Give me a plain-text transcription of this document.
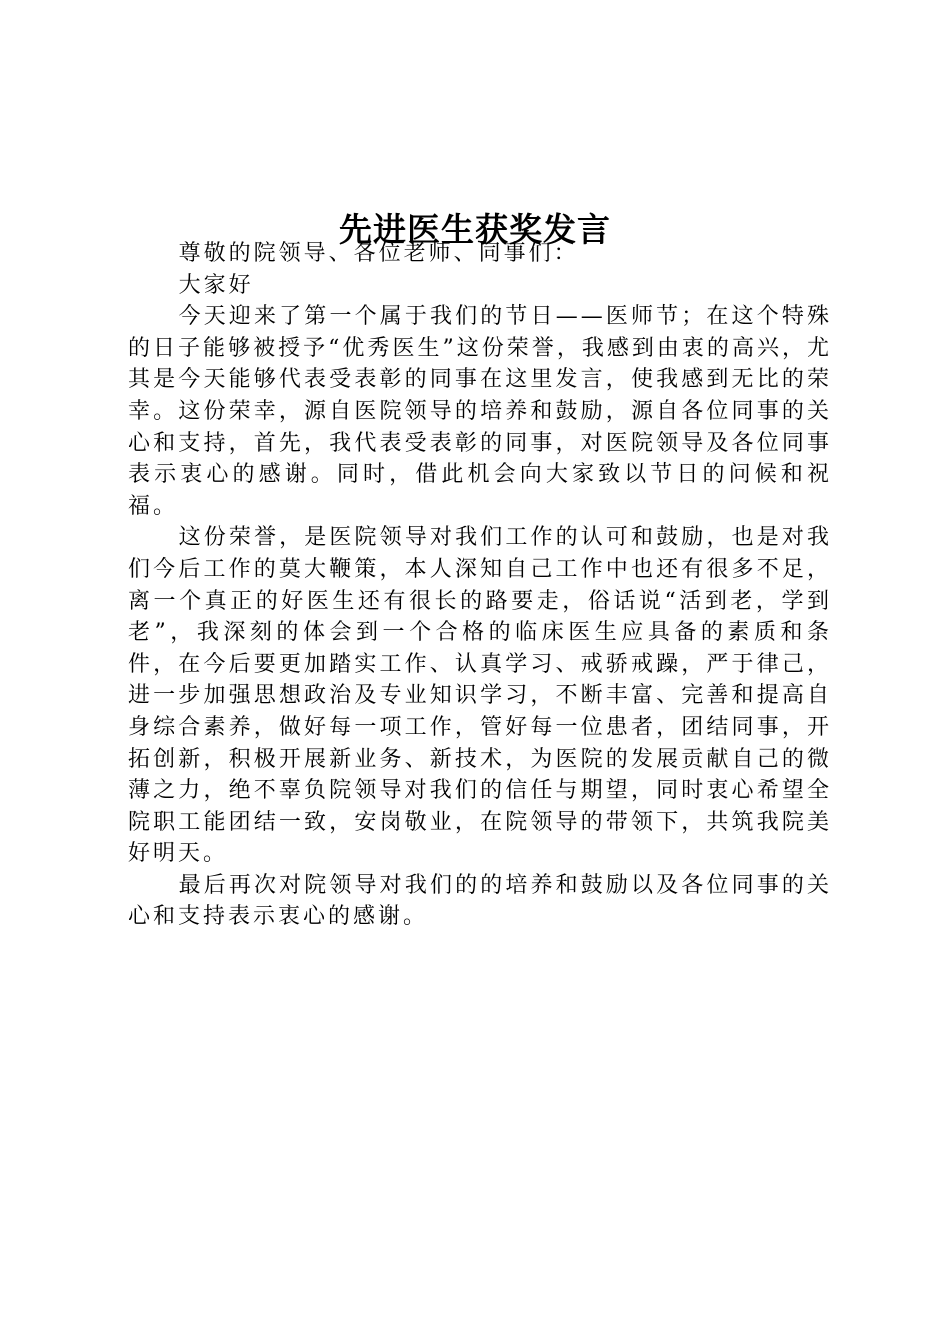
先进医生获奖发言

尊敬的院领导、各位老师、同事们：

大家好

今天迎来了第一个属于我们的节日——医师节；在这个特殊的日子能够被授予“优秀医生”这份荣誉，我感到由衷的高兴，尤其是今天能够代表受表彰的同事在这里发言，使我感到无比的荣幸。这份荣幸，源自医院领导的培养和鼓励，源自各位同事的关心和支持，首先，我代表受表彰的同事，对医院领导及各位同事表示衷心的感谢。同时，借此机会向大家致以节日的问候和祝福。

这份荣誉，是医院领导对我们工作的认可和鼓励，也是对我们今后工作的莫大鞭策，本人深知自己工作中也还有很多不足，离一个真正的好医生还有很长的路要走，俗话说“活到老，学到老”，我深刻的体会到一个合格的临床医生应具备的素质和条件，在今后要更加踏实工作、认真学习、戒骄戒躁，严于律己，进一步加强思想政治及专业知识学习，不断丰富、完善和提高自身综合素养，做好每一项工作，管好每一位患者，团结同事，开拓创新，积极开展新业务、新技术，为医院的发展贡献自己的微薄之力，绝不辜负院领导对我们的信任与期望，同时衷心希望全院职工能团结一致，安岗敬业，在院领导的带领下，共筑我院美好明天。

最后再次对院领导对我们的的培养和鼓励以及各位同事的关心和支持表示衷心的感谢。
